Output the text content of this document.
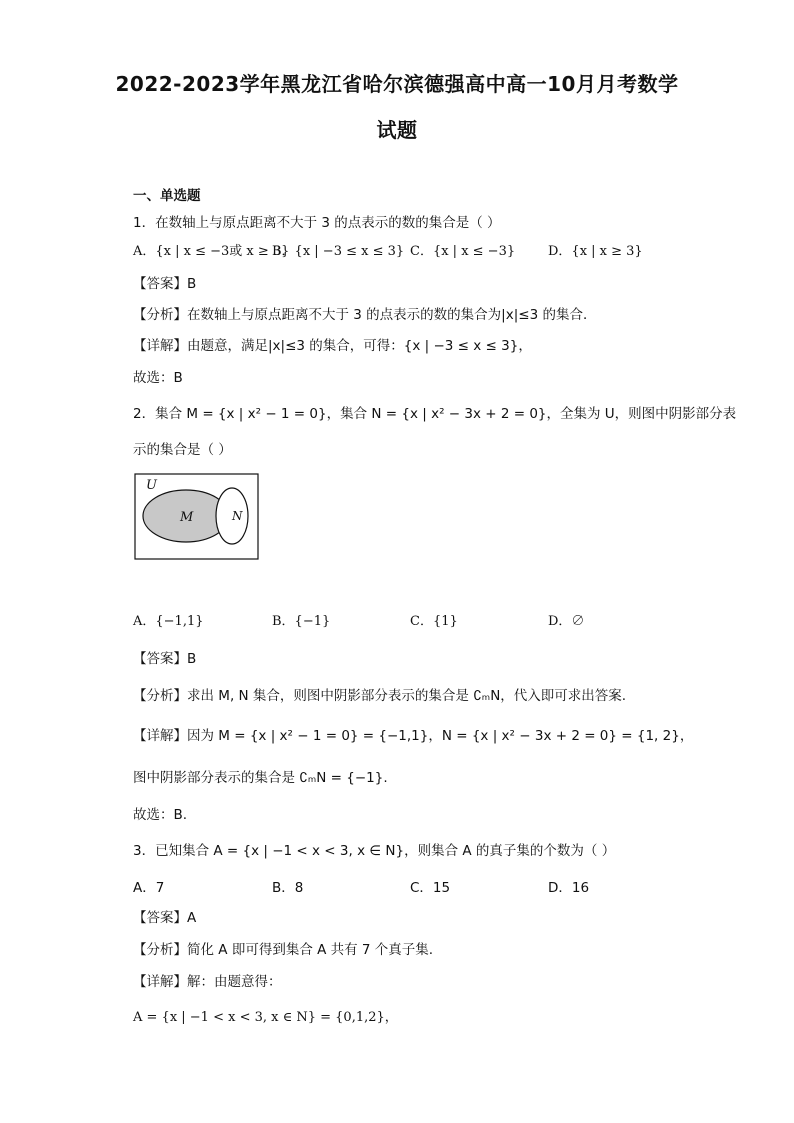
2022-2023学年黑龙江省哈尔滨德强高中高一10月月考数学
试题
一、单选题
1．在数轴上与原点距离不大于 3 的点表示的数的集合是（ ）
A．{x | x ≤ −3或 x ≥ 3}
B．{x | −3 ≤ x ≤ 3} C．{x | x ≤ −3}	D．{x | x ≥ 3}
【答案】B
【分析】在数轴上与原点距离不大于 3 的点表示的数的集合为|x|≤3 的集合．
【详解】由题意，满足|x|≤3 的集合，可得：{x | −3 ≤ x ≤ 3}，
故选：B
2．集合 M = {x | x² − 1 = 0}，集合 N = {x | x² − 3x + 2 = 0}，全集为 U，则图中阴影部分表
示的集合是（ ）
U
M	N
A．{−1,1}	B．{−1}	C．{1}	D．∅
【答案】B
【分析】求出 M, N 集合，则图中阴影部分表示的集合是 ∁ₘN，代入即可求出答案.
【详解】因为 M = {x | x² − 1 = 0} = {−1,1}，N = {x | x² − 3x + 2 = 0} = {1, 2}，
图中阴影部分表示的集合是 ∁ₘN = {−1}.
故选：B.
3．已知集合 A = {x | −1 < x < 3, x ∈ N}，则集合 A 的真子集的个数为（ ）
A．7	B．8	C．15	D．16
【答案】A
【分析】简化 A 即可得到集合 A 共有 7 个真子集.
【详解】解：由题意得：
A = {x | −1 < x < 3, x ∈ N} = {0,1,2}，
